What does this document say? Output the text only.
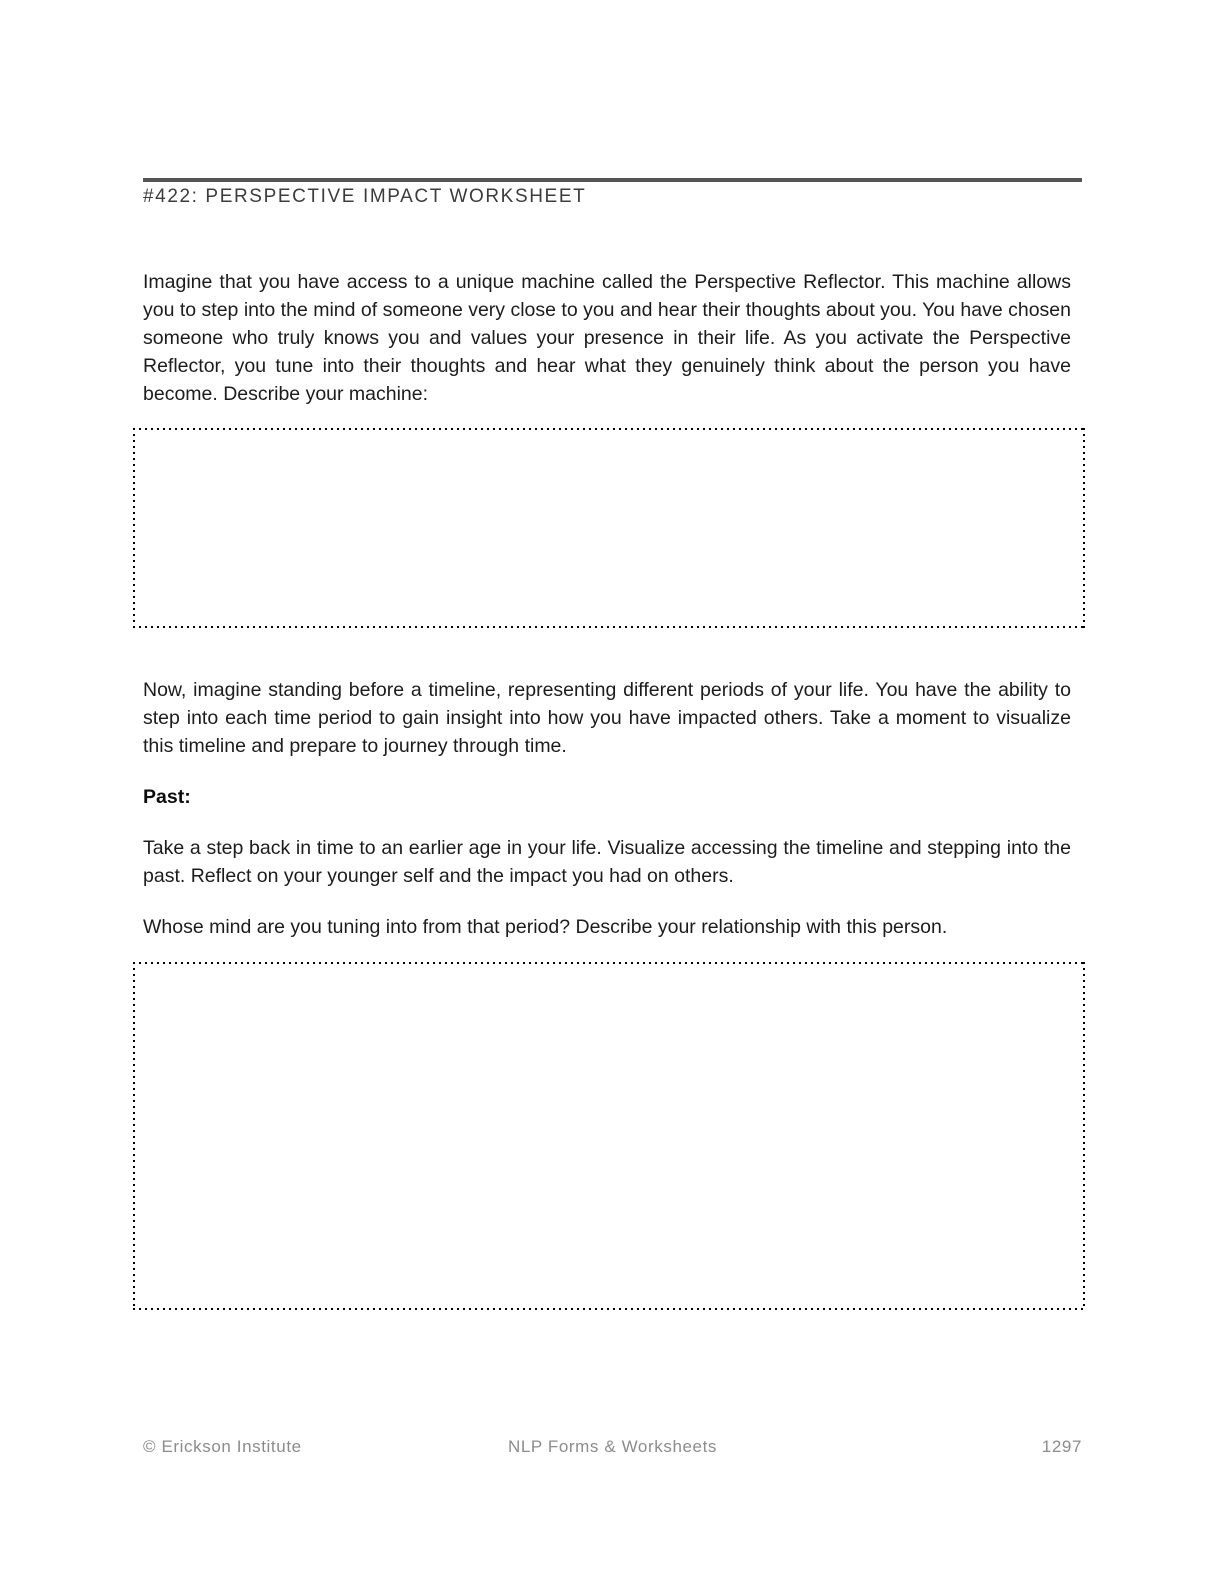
#422: PERSPECTIVE IMPACT WORKSHEET
Imagine that you have access to a unique machine called the Perspective Reflector. This machine allows you to step into the mind of someone very close to you and hear their thoughts about you. You have chosen someone who truly knows you and values your presence in their life. As you activate the Perspective Reflector, you tune into their thoughts and hear what they genuinely think about the person you have become. Describe your machine:
Now, imagine standing before a timeline, representing different periods of your life. You have the ability to step into each time period to gain insight into how you have impacted others. Take a moment to visualize this timeline and prepare to journey through time.
Past:
Take a step back in time to an earlier age in your life. Visualize accessing the timeline and stepping into the past. Reflect on your younger self and the impact you had on others.
Whose mind are you tuning into from that period? Describe your relationship with this person.
© Erickson Institute	NLP Forms & Worksheets	1297
